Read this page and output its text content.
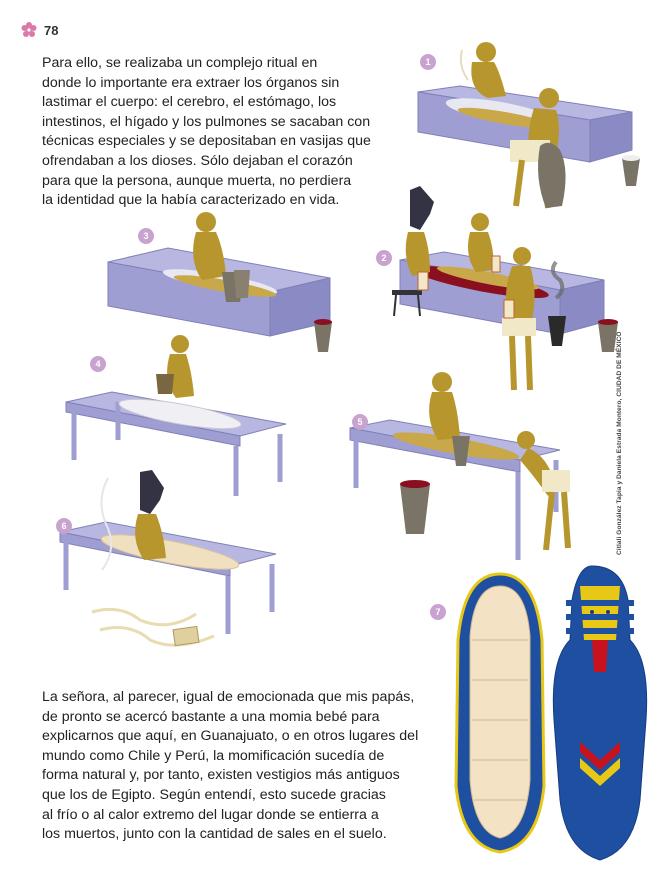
78

Para ello, se realizaba un complejo ritual en

donde lo importante era extraer los órganos sin

lastimar el cuerpo: el cerebro, el estómago, los

intestinos, el hígado y los pulmones se sacaban con

técnicas especiales y se depositaban en vasijas que

ofrendaban a los dioses. Sólo dejaban el corazón

para que la persona, aunque muerta, no perdiera

la identidad que la había caracterizado en vida.

La señora, al parecer, igual de emocionada que mis papás,

de pronto se acercó bastante a una momia bebé para

explicarnos que aquí, en Guanajuato, o en otros lugares del

mundo como Chile y Perú, la momificación sucedía de

forma natural y, por tanto, existen vestigios más antiguos

que los de Egipto. Según entendí, esto sucede gracias

al frío o al calor extremo del lugar donde se entierra a

los muertos, junto con la cantidad de sales en el suelo.

Citlali González Tapia y Daniela Estrada Montero, CIUDAD DE MÉXICO
1
2
3
4
5
6
7
